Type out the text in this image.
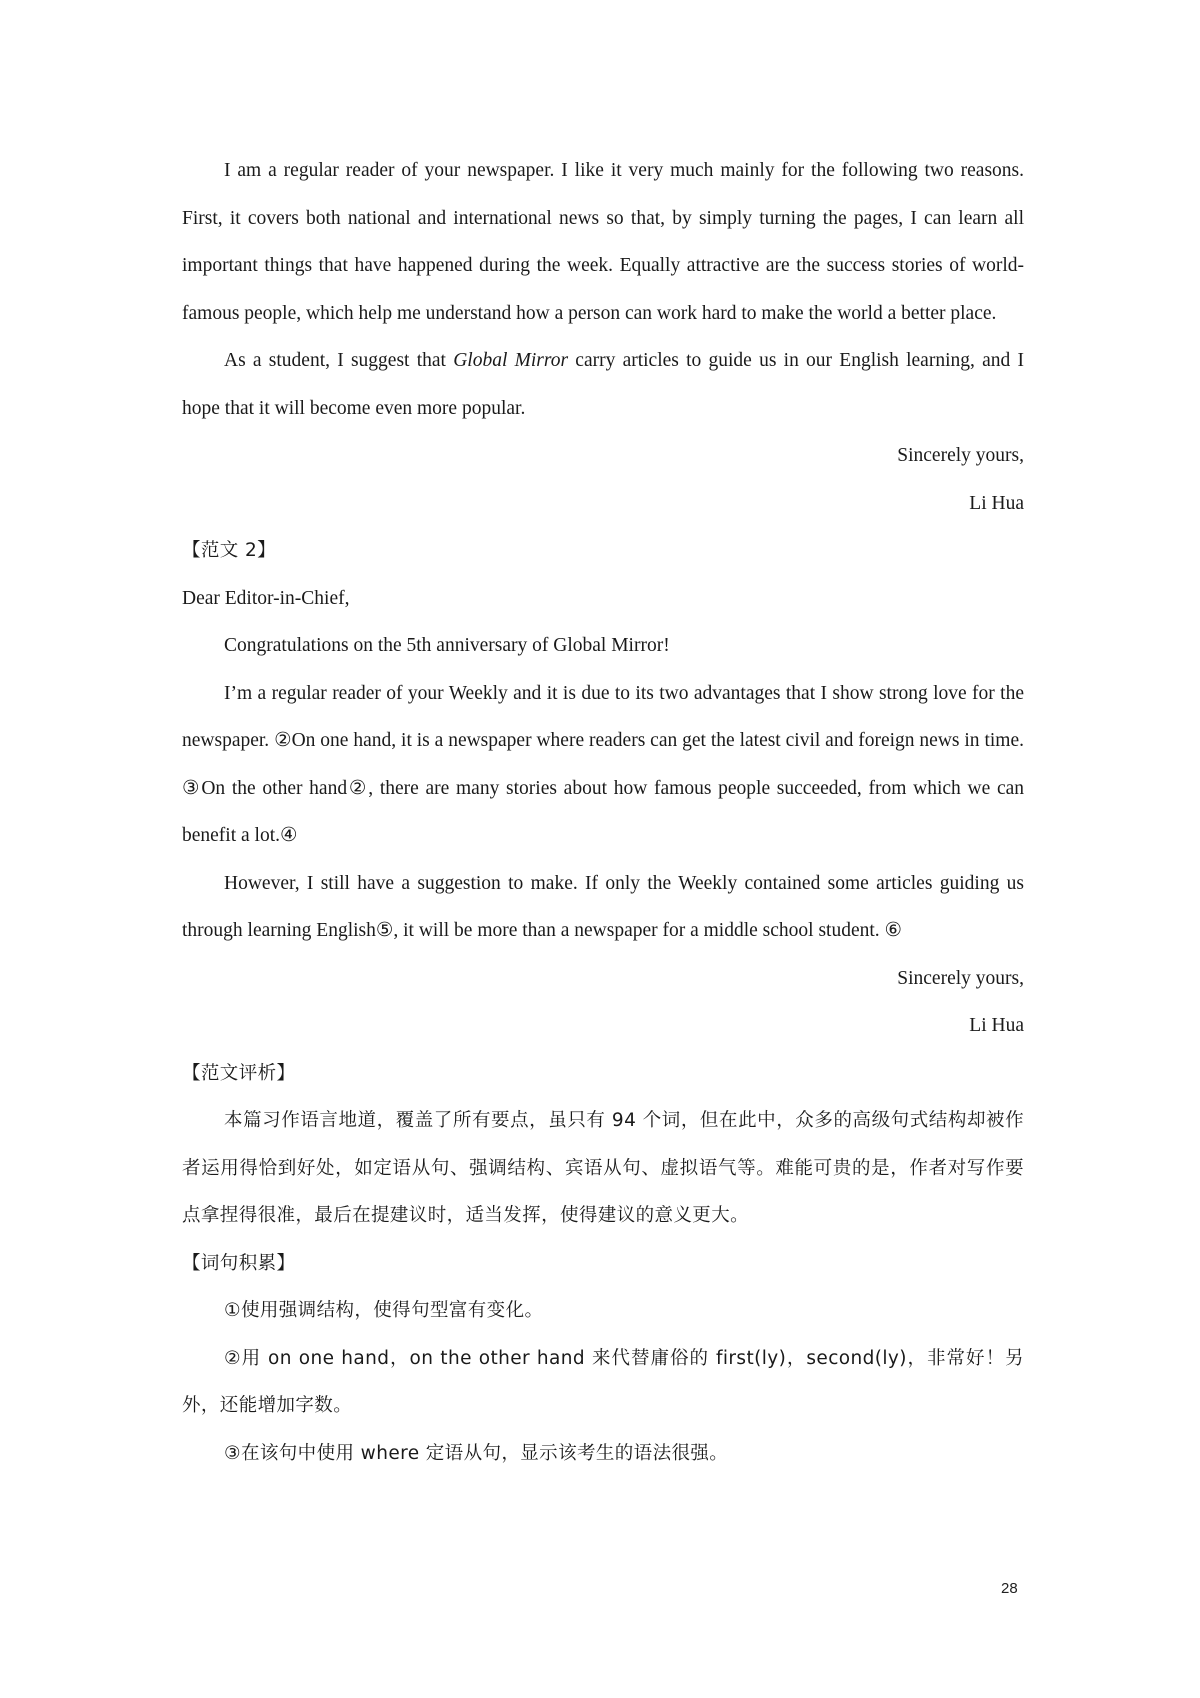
I am a regular reader of your newspaper. I like it very much mainly for the following two reasons. First, it covers both national and international news so that, by simply turning the pages, I can learn all important things that have happened during the week. Equally attractive are the success stories of world-famous people, which help me understand how a person can work hard to make the world a better place.

As a student, I suggest that Global Mirror carry articles to guide us in our English learning, and I hope that it will become even more popular.

Sincerely yours,

Li Hua

【范文 2】

Dear Editor-in-Chief,

Congratulations on the 5th anniversary of Global Mirror!

I’m a regular reader of your Weekly and it is due to its two advantages that I show strong love for the newspaper. ②On one hand, it is a newspaper where readers can get the latest civil and foreign news in time. ③On the other hand②, there are many stories about how famous people succeeded, from which we can benefit a lot.④

However, I still have a suggestion to make. If only the Weekly contained some articles guiding us through learning English⑤, it will be more than a newspaper for a middle school student. ⑥

Sincerely yours,

Li Hua

【范文评析】

本篇习作语言地道，覆盖了所有要点，虽只有 94 个词，但在此中，众多的高级句式结构却被作者运用得恰到好处，如定语从句、强调结构、宾语从句、虚拟语气等。难能可贵的是，作者对写作要点拿捏得很准，最后在提建议时，适当发挥，使得建议的意义更大。

【词句积累】

①使用强调结构，使得句型富有变化。

②用 on one hand，on the other hand 来代替庸俗的 first(ly)，second(ly)，非常好！另外，还能增加字数。

③在该句中使用 where 定语从句，显示该考生的语法很强。

28
